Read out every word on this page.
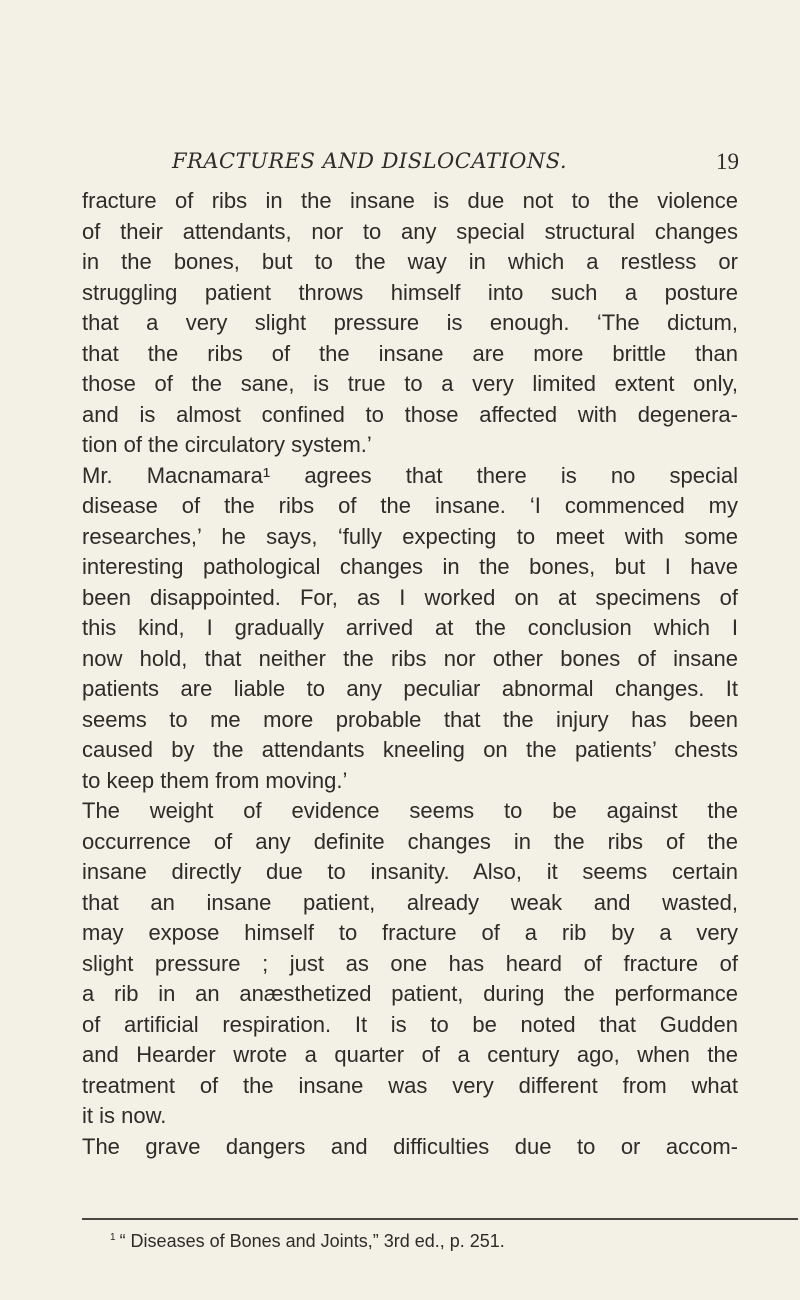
FRACTURES AND DISLOCATIONS.	19
fracture of ribs in the insane is due not to the violence
of their attendants, nor to any special structural changes
in the bones, but to the way in which a restless or
struggling patient throws himself into such a posture
that a very slight pressure is enough. ‘The dictum,
that the ribs of the insane are more brittle than
those of the sane, is true to a very limited extent only,
and is almost confined to those affected with degenera-
tion of the circulatory system.’
Mr. Macnamara¹ agrees that there is no special
disease of the ribs of the insane. ‘I commenced my
researches,’ he says, ‘fully expecting to meet with some
interesting pathological changes in the bones, but I have
been disappointed. For, as I worked on at specimens of
this kind, I gradually arrived at the conclusion which I
now hold, that neither the ribs nor other bones of insane
patients are liable to any peculiar abnormal changes. It
seems to me more probable that the injury has been
caused by the attendants kneeling on the patients’ chests
to keep them from moving.’
The weight of evidence seems to be against the
occurrence of any definite changes in the ribs of the
insane directly due to insanity. Also, it seems certain
that an insane patient, already weak and wasted,
may expose himself to fracture of a rib by a very
slight pressure ; just as one has heard of fracture of
a rib in an anæsthetized patient, during the performance
of artificial respiration. It is to be noted that Gudden
and Hearder wrote a quarter of a century ago, when the
treatment of the insane was very different from what
it is now.
The grave dangers and difficulties due to or accom-
$^1$ “ Diseases of Bones and Joints,” 3rd ed., p. 251.
